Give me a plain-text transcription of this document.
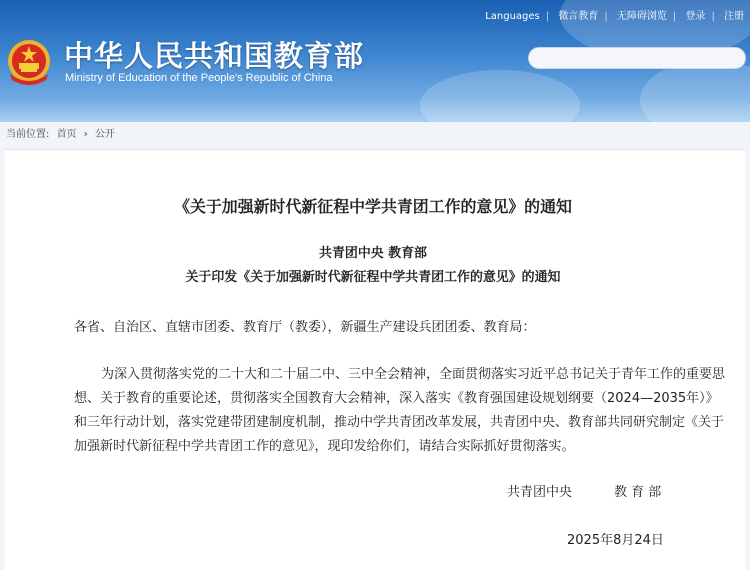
Languages | 微言教育 | 无障碍浏览 | 登录 | 注册
中华人民共和国教育部
Ministry of Education of the People's Republic of China
当前位置: 首页 › 公开
《关于加强新时代新征程中学共青团工作的意见》的通知
共青团中央 教育部
关于印发《关于加强新时代新征程中学共青团工作的意见》的通知
各省、自治区、直辖市团委、教育厅（教委），新疆生产建设兵团团委、教育局：
为深入贯彻落实党的二十大和二十届二中、三中全会精神，全面贯彻落实习近平总书记关于青年工作的重要思
想、关于教育的重要论述，贯彻落实全国教育大会精神，深入落实《教育强国建设规划纲要（2024—2035年）》
和三年行动计划，落实党建带团建制度机制，推动中学共青团改革发展，共青团中央、教育部共同研究制定《关于
加强新时代新征程中学共青团工作的意见》，现印发给你们，请结合实际抓好贯彻落实。
共青团中央	教 育 部
2025年8月24日
